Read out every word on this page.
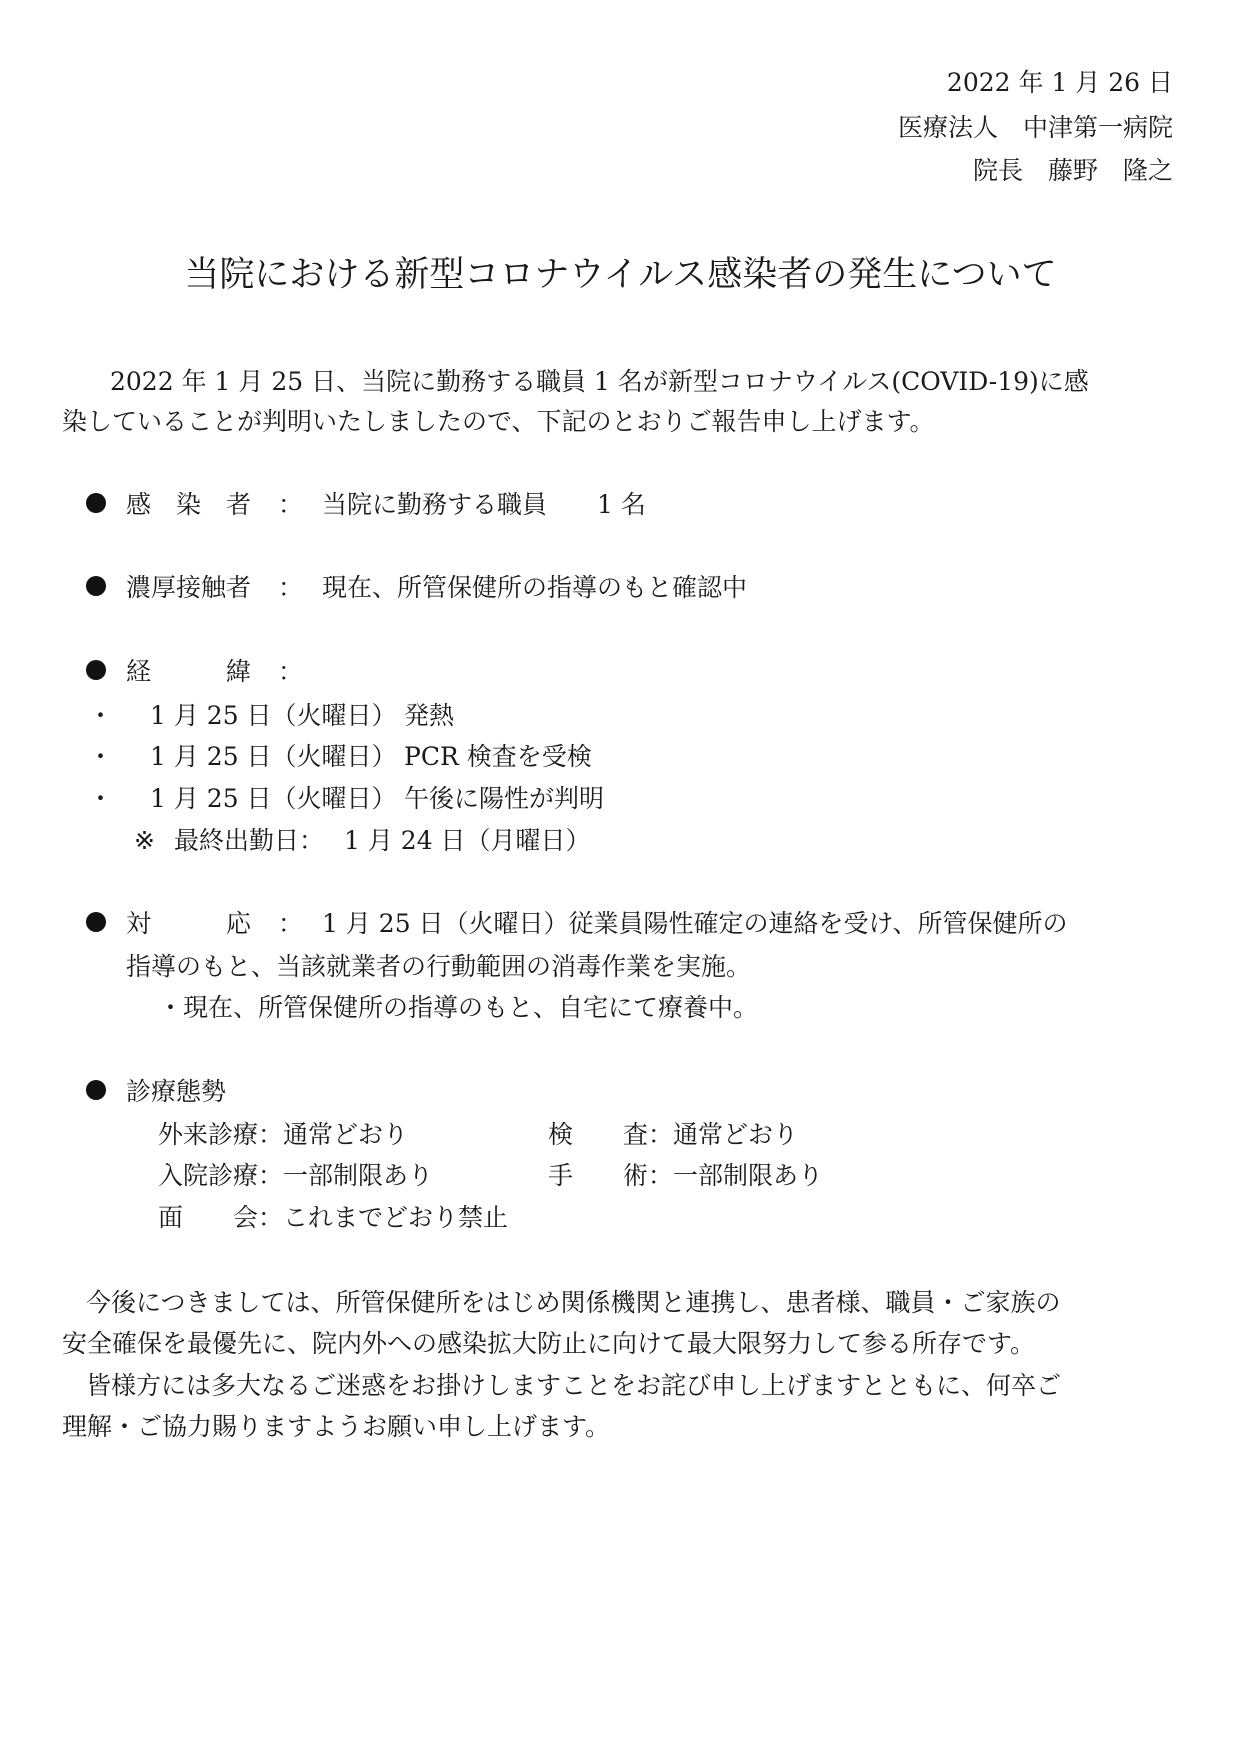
2022 年 1 月 26 日
医療法人　中津第一病院
院長　藤野　隆之
当院における新型コロナウイルス感染者の発生について
2022 年 1 月 25 日、当院に勤務する職員 1 名が新型コロナウイルス(COVID-19)に感
染していることが判明いたしましたので、下記のとおりご報告申し上げます。
感　染　者 ： 当院に勤務する職員　　1 名
濃厚接触者 ： 現在、所管保健所の指導のもと確認中
経　　　緯 ：
・ 1 月 25 日（火曜日） 発熱
・ 1 月 25 日（火曜日） PCR 検査を受検
・ 1 月 25 日（火曜日） 午後に陽性が判明
※ 最終出勤日： 1 月 24 日（月曜日）
対　　　応 ： 1 月 25 日（火曜日）従業員陽性確定の連絡を受け、所管保健所の
指導のもと、当該就業者の行動範囲の消毒作業を実施。
・現在、所管保健所の指導のもと、自宅にて療養中。
診療態勢
外来診療：通常どおり	検　　査：通常どおり
入院診療：一部制限あり	手　　術：一部制限あり
面　　会：これまでどおり禁止
今後につきましては、所管保健所をはじめ関係機関と連携し、患者様、職員・ご家族の
安全確保を最優先に、院内外への感染拡大防止に向けて最大限努力して参る所存です。
皆様方には多大なるご迷惑をお掛けしますことをお詫び申し上げますとともに、何卒ご
理解・ご協力賜りますようお願い申し上げます。
